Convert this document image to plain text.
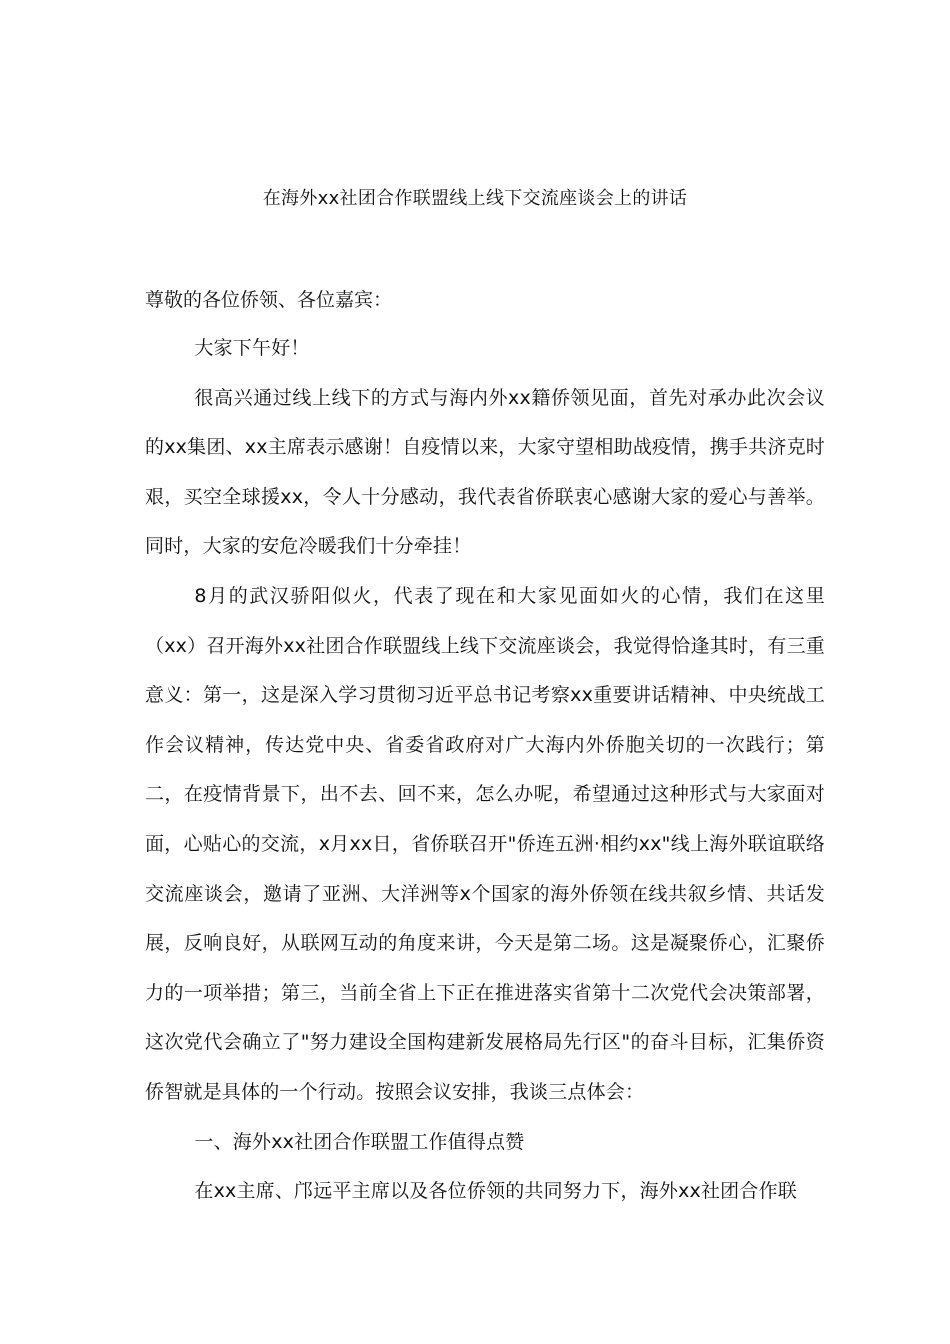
在海外xx社团合作联盟线上线下交流座谈会上的讲话
尊敬的各位侨领、各位嘉宾：

大家下午好！

很高兴通过线上线下的方式与海内外xx籍侨领见面，首先对承办此次会议的xx集团、xx主席表示感谢！自疫情以来，大家守望相助战疫情，携手共济克时艰，买空全球援xx，令人十分感动，我代表省侨联衷心感谢大家的爱心与善举。同时，大家的安危冷暖我们十分牵挂！

8月的武汉骄阳似火，代表了现在和大家见面如火的心情，我们在这里（xx）召开海外xx社团合作联盟线上线下交流座谈会，我觉得恰逢其时，有三重意义：第一，这是深入学习贯彻习近平总书记考察xx重要讲话精神、中央统战工作会议精神，传达党中央、省委省政府对广大海内外侨胞关切的一次践行；第二，在疫情背景下，出不去、回不来，怎么办呢，希望通过这种形式与大家面对面，心贴心的交流，x月xx日，省侨联召开"侨连五洲·相约xx"线上海外联谊联络交流座谈会，邀请了亚洲、大洋洲等x个国家的海外侨领在线共叙乡情、共话发展，反响良好，从联网互动的角度来讲，今天是第二场。这是凝聚侨心，汇聚侨力的一项举措；第三，当前全省上下正在推进落实省第十二次党代会决策部署，这次党代会确立了"努力建设全国构建新发展格局先行区"的奋斗目标，汇集侨资侨智就是具体的一个行动。按照会议安排，我谈三点体会：

一、海外xx社团合作联盟工作值得点赞

在xx主席、邝远平主席以及各位侨领的共同努力下，海外xx社团合作联
